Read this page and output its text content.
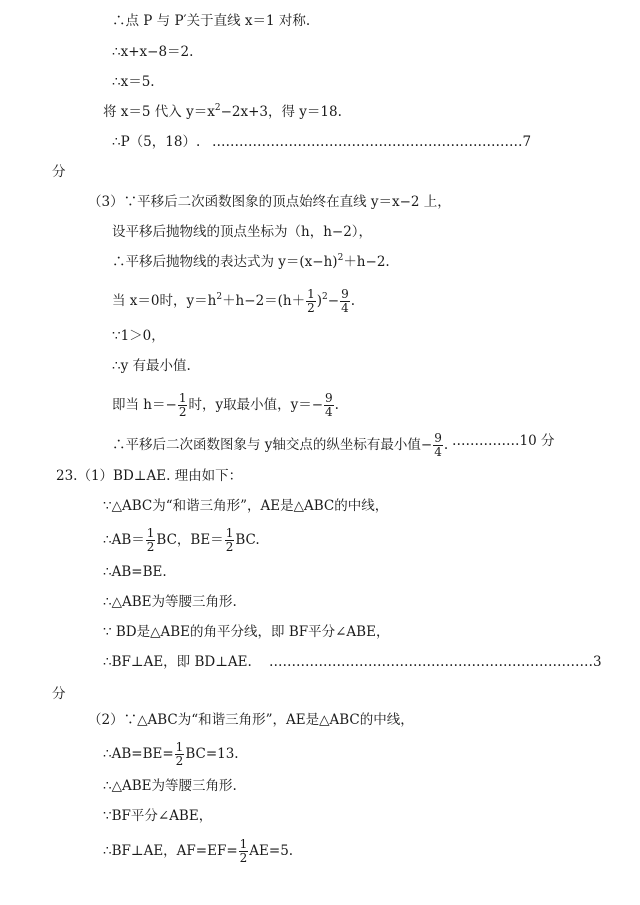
∴点 P 与 P′关于直线 x＝1 对称.
∴x+x−8＝2.
∴x＝5.
将 x＝5 代入 $y=x^2-2x+3$，得 y＝18.
∴P（5，18）. ……………………………………………………………7
分
（3）∵平移后二次函数图象的顶点始终在直线 y＝x−2 上，
设平移后抛物线的顶点坐标为（h，h−2），
∴平移后抛物线的表达式为 $y=(x-h)^2+h-2$.
当 x＝0时，$y=h^2+h-2=(h+ \frac{1}{2} )^2- \frac{9}{4}$ .
∵1＞0，
∴y 有最小值.
即当 $h=- \frac{1}{2}$ 时，y取最小值，$y=- \frac{9}{4}$ .
∴平移后二次函数图象与 y轴交点的纵坐标有最小值− $\frac{9}{4}$ . ……………10 分
23.（1）BD⊥AE. 理由如下：
∵△ABC为“和谐三角形”，AE是△ABC的中线，
∴AB＝ $\frac{1}{2}$ BC，$BE= \frac{1}{2}$ BC.
∴AB=BE.
∴△ABE为等腰三角形.
∵ BD是△ABE的角平分线，即 BF平分∠ABE，
∴BF⊥AE，即 BD⊥AE. ………………………………………………………………3
分
（2）∵△ABC为“和谐三角形”，AE是△ABC的中线，
∴AB=BE= $\frac{1}{2} BC=13$.
∴△ABE为等腰三角形.
∵BF平分∠ABE，
∴BF⊥AE，$AF=EF= \frac{1}{2} AE=5$.
